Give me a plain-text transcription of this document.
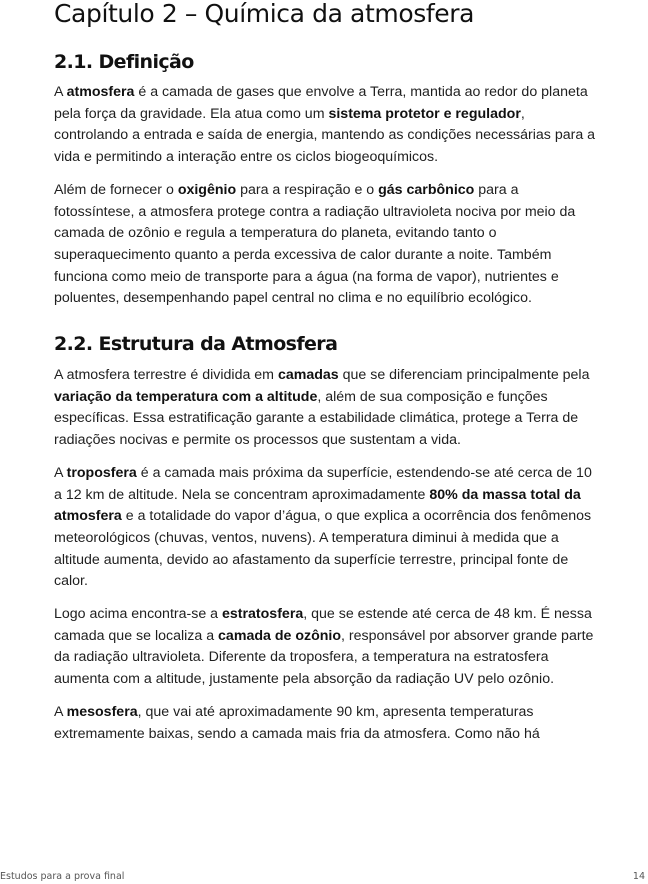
Capítulo 2 – Química da atmosfera
2.1. Definição

A atmosfera é a camada de gases que envolve a Terra, mantida ao redor do planeta pela força da gravidade. Ela atua como um sistema protetor e regulador, controlando a entrada e saída de energia, mantendo as condições necessárias para a vida e permitindo a interação entre os ciclos biogeoquímicos.

Além de fornecer o oxigênio para a respiração e o gás carbônico para a fotossíntese, a atmosfera protege contra a radiação ultravioleta nociva por meio da camada de ozônio e regula a temperatura do planeta, evitando tanto o superaquecimento quanto a perda excessiva de calor durante a noite. Também funciona como meio de transporte para a água (na forma de vapor), nutrientes e poluentes, desempenhando papel central no clima e no equilíbrio ecológico.

2.2. Estrutura da Atmosfera

A atmosfera terrestre é dividida em camadas que se diferenciam principalmente pela variação da temperatura com a altitude, além de sua composição e funções específicas. Essa estratificação garante a estabilidade climática, protege a Terra de radiações nocivas e permite os processos que sustentam a vida.

A troposfera é a camada mais próxima da superfície, estendendo-se até cerca de 10 a 12 km de altitude. Nela se concentram aproximadamente 80% da massa total da atmosfera e a totalidade do vapor d’água, o que explica a ocorrência dos fenômenos meteorológicos (chuvas, ventos, nuvens). A temperatura diminui à medida que a altitude aumenta, devido ao afastamento da superfície terrestre, principal fonte de calor.

Logo acima encontra-se a estratosfera, que se estende até cerca de 48 km. É nessa camada que se localiza a camada de ozônio, responsável por absorver grande parte da radiação ultravioleta. Diferente da troposfera, a temperatura na estratosfera aumenta com a altitude, justamente pela absorção da radiação UV pelo ozônio.

A mesosfera, que vai até aproximadamente 90 km, apresenta temperaturas extremamente baixas, sendo a camada mais fria da atmosfera. Como não há

Estudos para a prova final	14
